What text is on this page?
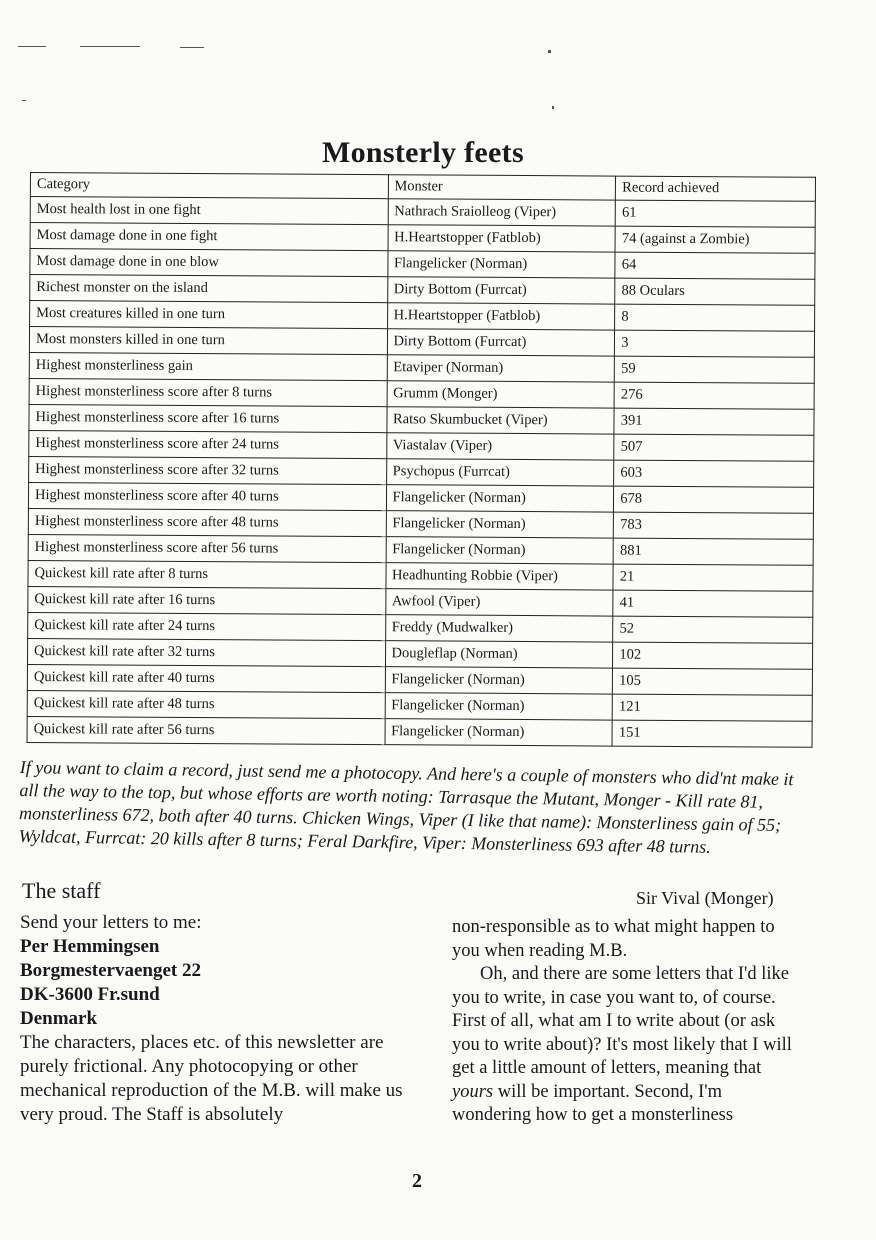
Monsterly feets
Category	Monster	Record achieved
Most health lost in one fight	Nathrach Sraiolleog (Viper)	61
Most damage done in one fight	H.Heartstopper (Fatblob)	74 (against a Zombie)
Most damage done in one blow	Flangelicker (Norman)	64
Richest monster on the island	Dirty Bottom (Furrcat)	88 Oculars
Most creatures killed in one turn	H.Heartstopper (Fatblob)	8
Most monsters killed in one turn	Dirty Bottom (Furrcat)	3
Highest monsterliness gain	Etaviper (Norman)	59
Highest monsterliness score after 8 turns	Grumm (Monger)	276
Highest monsterliness score after 16 turns	Ratso Skumbucket (Viper)	391
Highest monsterliness score after 24 turns	Viastalav (Viper)	507
Highest monsterliness score after 32 turns	Psychopus (Furrcat)	603
Highest monsterliness score after 40 turns	Flangelicker (Norman)	678
Highest monsterliness score after 48 turns	Flangelicker (Norman)	783
Highest monsterliness score after 56 turns	Flangelicker (Norman)	881
Quickest kill rate after 8 turns	Headhunting Robbie (Viper)	21
Quickest kill rate after 16 turns	Awfool (Viper)	41
Quickest kill rate after 24 turns	Freddy (Mudwalker)	52
Quickest kill rate after 32 turns	Dougleflap (Norman)	102
Quickest kill rate after 40 turns	Flangelicker (Norman)	105
Quickest kill rate after 48 turns	Flangelicker (Norman)	121
Quickest kill rate after 56 turns	Flangelicker (Norman)	151
If you want to claim a record, just send me a photocopy. And here's a couple of monsters who did'nt make it all the way to the top, but whose efforts are worth noting: Tarrasque the Mutant, Monger - Kill rate 81, monsterliness 672, both after 40 turns. Chicken Wings, Viper (I like that name): Monsterliness gain of 55; Wyldcat, Furrcat: 20 kills after 8 turns; Feral Darkfire, Viper: Monsterliness 693 after 48 turns.
The staff	Sir Vival (Monger)
Send your letters to me:
Per Hemmingsen
Borgmestervaenget 22
DK-3600 Fr.sund
Denmark
The characters, places etc. of this newsletter are purely frictional. Any photocopying or other mechanical reproduction of the M.B. will make us very proud. The Staff is absolutely

non-responsible as to what might happen to you when reading M.B.

Oh, and there are some letters that I'd like you to write, in case you want to, of course. First of all, what am I to write about (or ask you to write about)? It's most likely that I will get a little amount of letters, meaning that yours will be important. Second, I'm wondering how to get a monsterliness

2
